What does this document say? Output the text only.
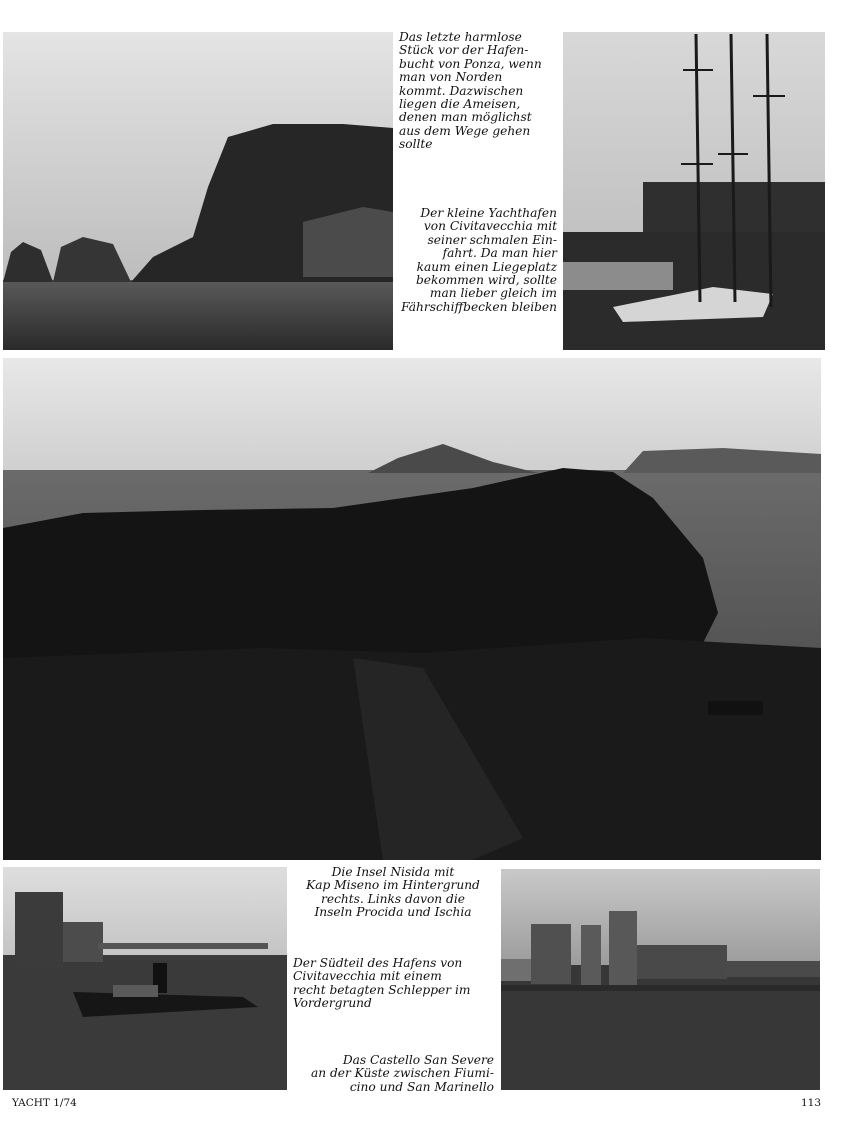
Das letzte harmlose
Stück vor der Hafen-
bucht von Ponza, wenn
man von Norden
kommt. Dazwischen
liegen die Ameisen,
denen man möglichst
aus dem Wege gehen
sollte
Der kleine Yachthafen
von Civitavecchia mit
seiner schmalen Ein-
fahrt. Da man hier
kaum einen Liegeplatz
bekommen wird, sollte
man lieber gleich im
Fährschiffbecken bleiben
Die Insel Nisida mit
Kap Miseno im Hintergrund
rechts. Links davon die
Inseln Procida und Ischia
Der Südteil des Hafens von
Civitavecchia mit einem
recht betagten Schlepper im
Vordergrund
Das Castello San Severe
an der Küste zwischen Fiumi-
cino und San Marinello
YACHT 1/74	113
